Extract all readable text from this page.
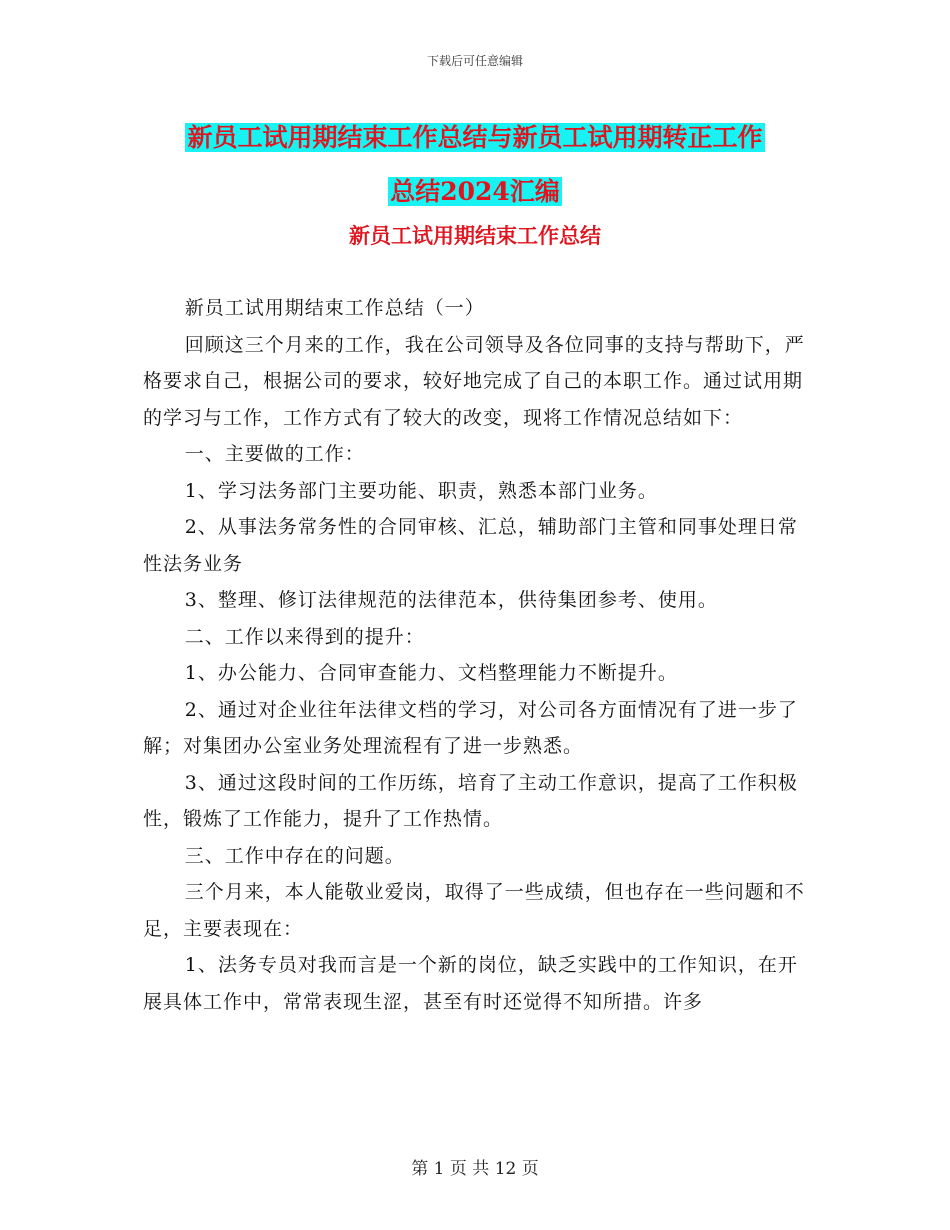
下载后可任意编辑
新员工试用期结束工作总结与新员工试用期转正工作
总结2024汇编
新员工试用期结束工作总结

新员工试用期结束工作总结（一）

回顾这三个月来的工作，我在公司领导及各位同事的支持与帮助下，严格要求自己，根据公司的要求，较好地完成了自己的本职工作。通过试用期的学习与工作，工作方式有了较大的改变，现将工作情况总结如下：

一、主要做的工作：

1、学习法务部门主要功能、职责，熟悉本部门业务。

2、从事法务常务性的合同审核、汇总，辅助部门主管和同事处理日常性法务业务

3、整理、修订法律规范的法律范本，供待集团参考、使用。

二、工作以来得到的提升：

1、办公能力、合同审查能力、文档整理能力不断提升。

2、通过对企业往年法律文档的学习，对公司各方面情况有了进一步了解；对集团办公室业务处理流程有了进一步熟悉。

3、通过这段时间的工作历练，培育了主动工作意识，提高了工作积极性，锻炼了工作能力，提升了工作热情。

三、工作中存在的问题。

三个月来，本人能敬业爱岗，取得了一些成绩，但也存在一些问题和不足，主要表现在：

1、法务专员对我而言是一个新的岗位，缺乏实践中的工作知识，在开展具体工作中，常常表现生涩，甚至有时还觉得不知所措。许多

第 1 页 共 12 页
